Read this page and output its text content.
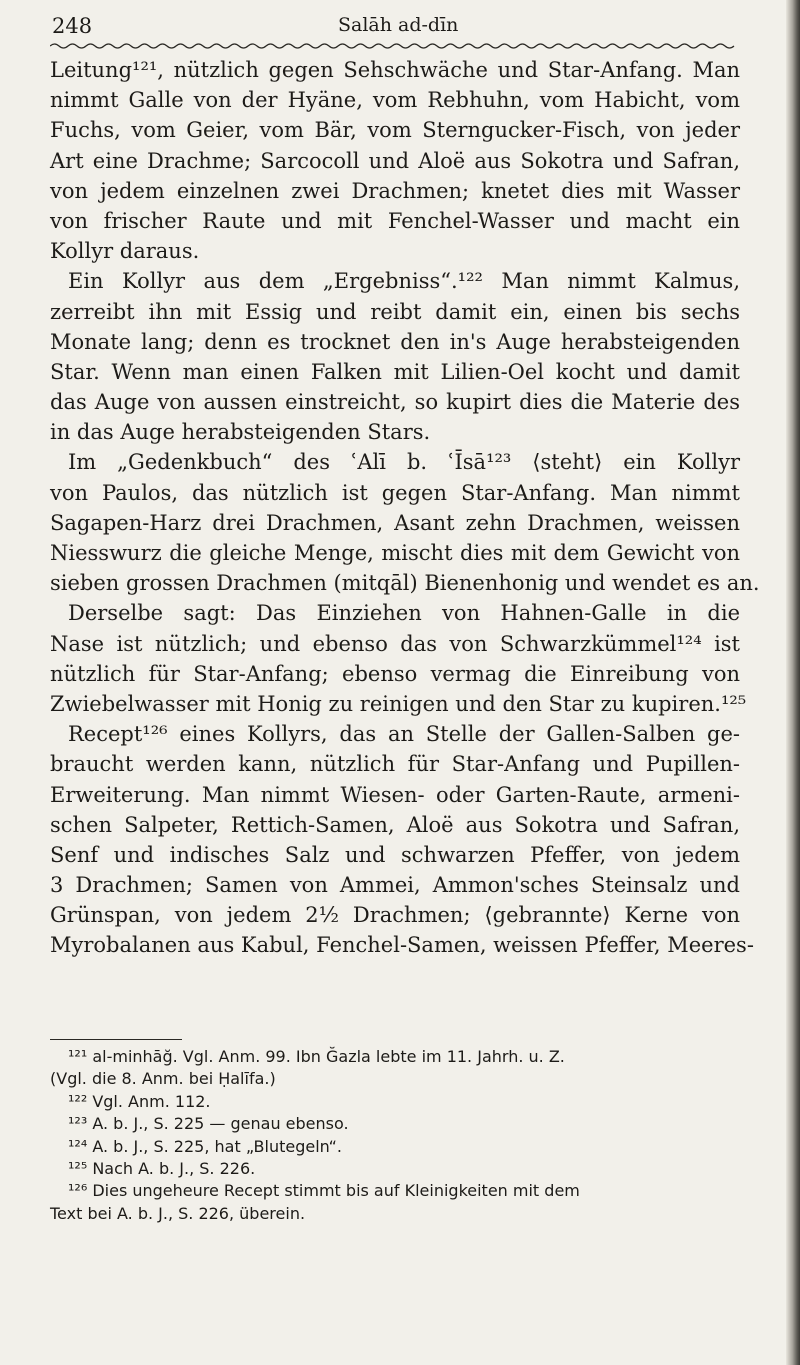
248	Salāh ad-dīn
Leitung¹²¹, nützlich gegen Sehschwäche und Star-Anfang. Man
nimmt Galle von der Hyäne, vom Rebhuhn, vom Habicht, vom
Fuchs, vom Geier, vom Bär, vom Sterngucker-Fisch, von jeder
Art eine Drachme; Sarcocoll und Aloë aus Sokotra und Safran,
von jedem einzelnen zwei Drachmen; knetet dies mit Wasser
von frischer Raute und mit Fenchel-Wasser und macht ein
Kollyr daraus.
Ein Kollyr aus dem „Ergebniss“.¹²² Man nimmt Kalmus,
zerreibt ihn mit Essig und reibt damit ein, einen bis sechs
Monate lang; denn es trocknet den in's Auge herabsteigenden
Star. Wenn man einen Falken mit Lilien-Oel kocht und damit
das Auge von aussen einstreicht, so kupirt dies die Materie des
in das Auge herabsteigenden Stars.
Im „Gedenkbuch“ des ʿAlī b. ʿĪsā¹²³ ⟨steht⟩ ein Kollyr
von Paulos, das nützlich ist gegen Star-Anfang. Man nimmt
Sagapen-Harz drei Drachmen, Asant zehn Drachmen, weissen
Niesswurz die gleiche Menge, mischt dies mit dem Gewicht von
sieben grossen Drachmen (mitqāl) Bienenhonig und wendet es an.
Derselbe sagt: Das Einziehen von Hahnen-Galle in die
Nase ist nützlich; und ebenso das von Schwarzkümmel¹²⁴ ist
nützlich für Star-Anfang; ebenso vermag die Einreibung von
Zwiebelwasser mit Honig zu reinigen und den Star zu kupiren.¹²⁵
Recept¹²⁶ eines Kollyrs, das an Stelle der Gallen-Salben ge-
braucht werden kann, nützlich für Star-Anfang und Pupillen-
Erweiterung. Man nimmt Wiesen- oder Garten-Raute, armeni-
schen Salpeter, Rettich-Samen, Aloë aus Sokotra und Safran,
Senf und indisches Salz und schwarzen Pfeffer, von jedem
3 Drachmen; Samen von Ammei, Ammon'sches Steinsalz und
Grünspan, von jedem 2½ Drachmen; ⟨gebrannte⟩ Kerne von
Myrobalanen aus Kabul, Fenchel-Samen, weissen Pfeffer, Meeres-
¹²¹ al-minhāğ. Vgl. Anm. 99. Ibn Ğazla lebte im 11. Jahrh. u. Z.
(Vgl. die 8. Anm. bei Ḥalīfa.)
¹²² Vgl. Anm. 112.
¹²³ A. b. J., S. 225 — genau ebenso.
¹²⁴ A. b. J., S. 225, hat „Blutegeln“.
¹²⁵ Nach A. b. J., S. 226.
¹²⁶ Dies ungeheure Recept stimmt bis auf Kleinigkeiten mit dem
Text bei A. b. J., S. 226, überein.
